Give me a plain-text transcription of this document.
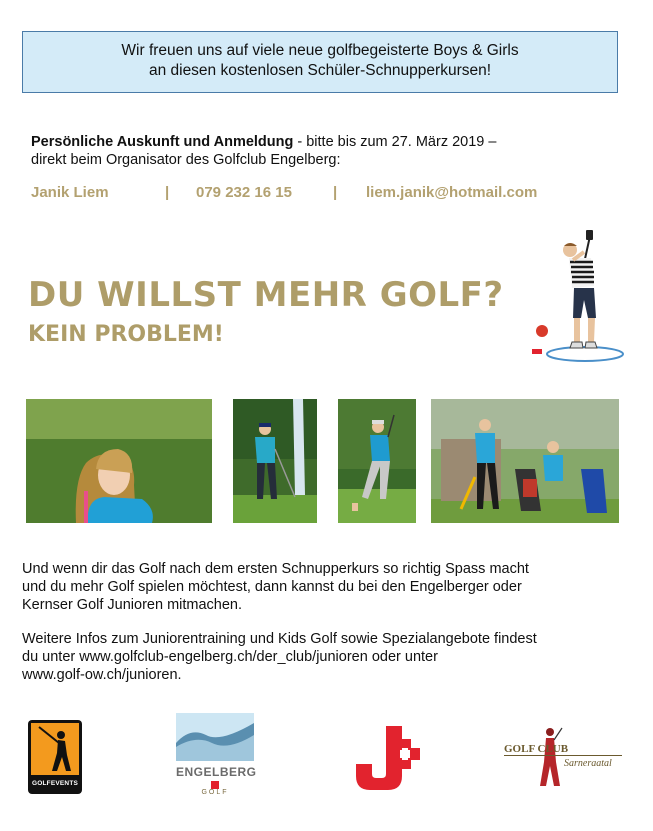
Wir freuen uns auf viele neue golfbegeisterte Boys & Girls
an diesen kostenlosen Schüler-Schnupperkursen!
Persönliche Auskunft und Anmeldung - bitte bis zum 27. März 2019 –
direkt beim Organisator des Golfclub Engelberg:
Janik Liem	| 079 232 16 15	| liem.janik@hotmail.com
DU WILLST MEHR GOLF?
KEIN PROBLEM!
Und wenn dir das Golf nach dem ersten Schnupperkurs so richtig Spass macht
und du mehr Golf spielen möchtest, dann kannst du bei den Engelberger oder
Kernser Golf Junioren mitmachen.
Weitere Infos zum Juniorentraining und Kids Golf sowie Spezialangebote findest
du unter www.golfclub-engelberg.ch/der_club/junioren oder unter
www.golf-ow.ch/junioren.
GOLFEVENTS
ENGELBERG
GOLF
GOLF CLUB
Sarneraatal
